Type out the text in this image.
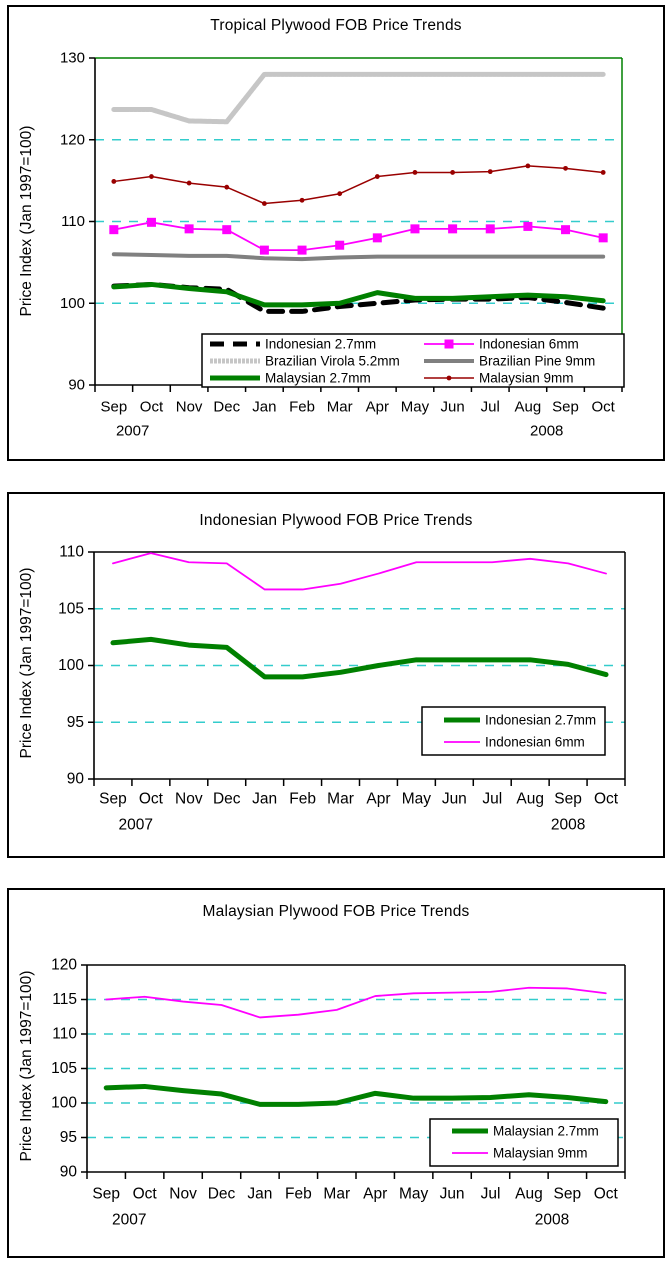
Tropical Plywood FOB Price Trends
Price Index (Jan 1997=100)
90
100
110
120
130
Sep Oct Nov Dec Jan Feb Mar Apr May Jun Jul Aug Sep Oct
2007	2008
Indonesian 2.7mm	Indonesian 6mm
Brazilian Virola 5.2mm	Brazilian Pine 9mm
Malaysian 2.7mm	Malaysian 9mm
Indonesian Plywood FOB Price Trends
Price Index (Jan 1997=100)
90
95
100
105
110
Sep Oct Nov Dec Jan Feb Mar Apr May Jun Jul Aug Sep Oct
2007	2008
Indonesian 2.7mm
Indonesian 6mm
Malaysian Plywood FOB Price Trends
Price Index (Jan 1997=100)
90
95
100
105
110
115
120
Sep Oct Nov Dec Jan Feb Mar Apr May Jun Jul Aug Sep Oct
2007	2008
Malaysian 2.7mm
Malaysian 9mm
